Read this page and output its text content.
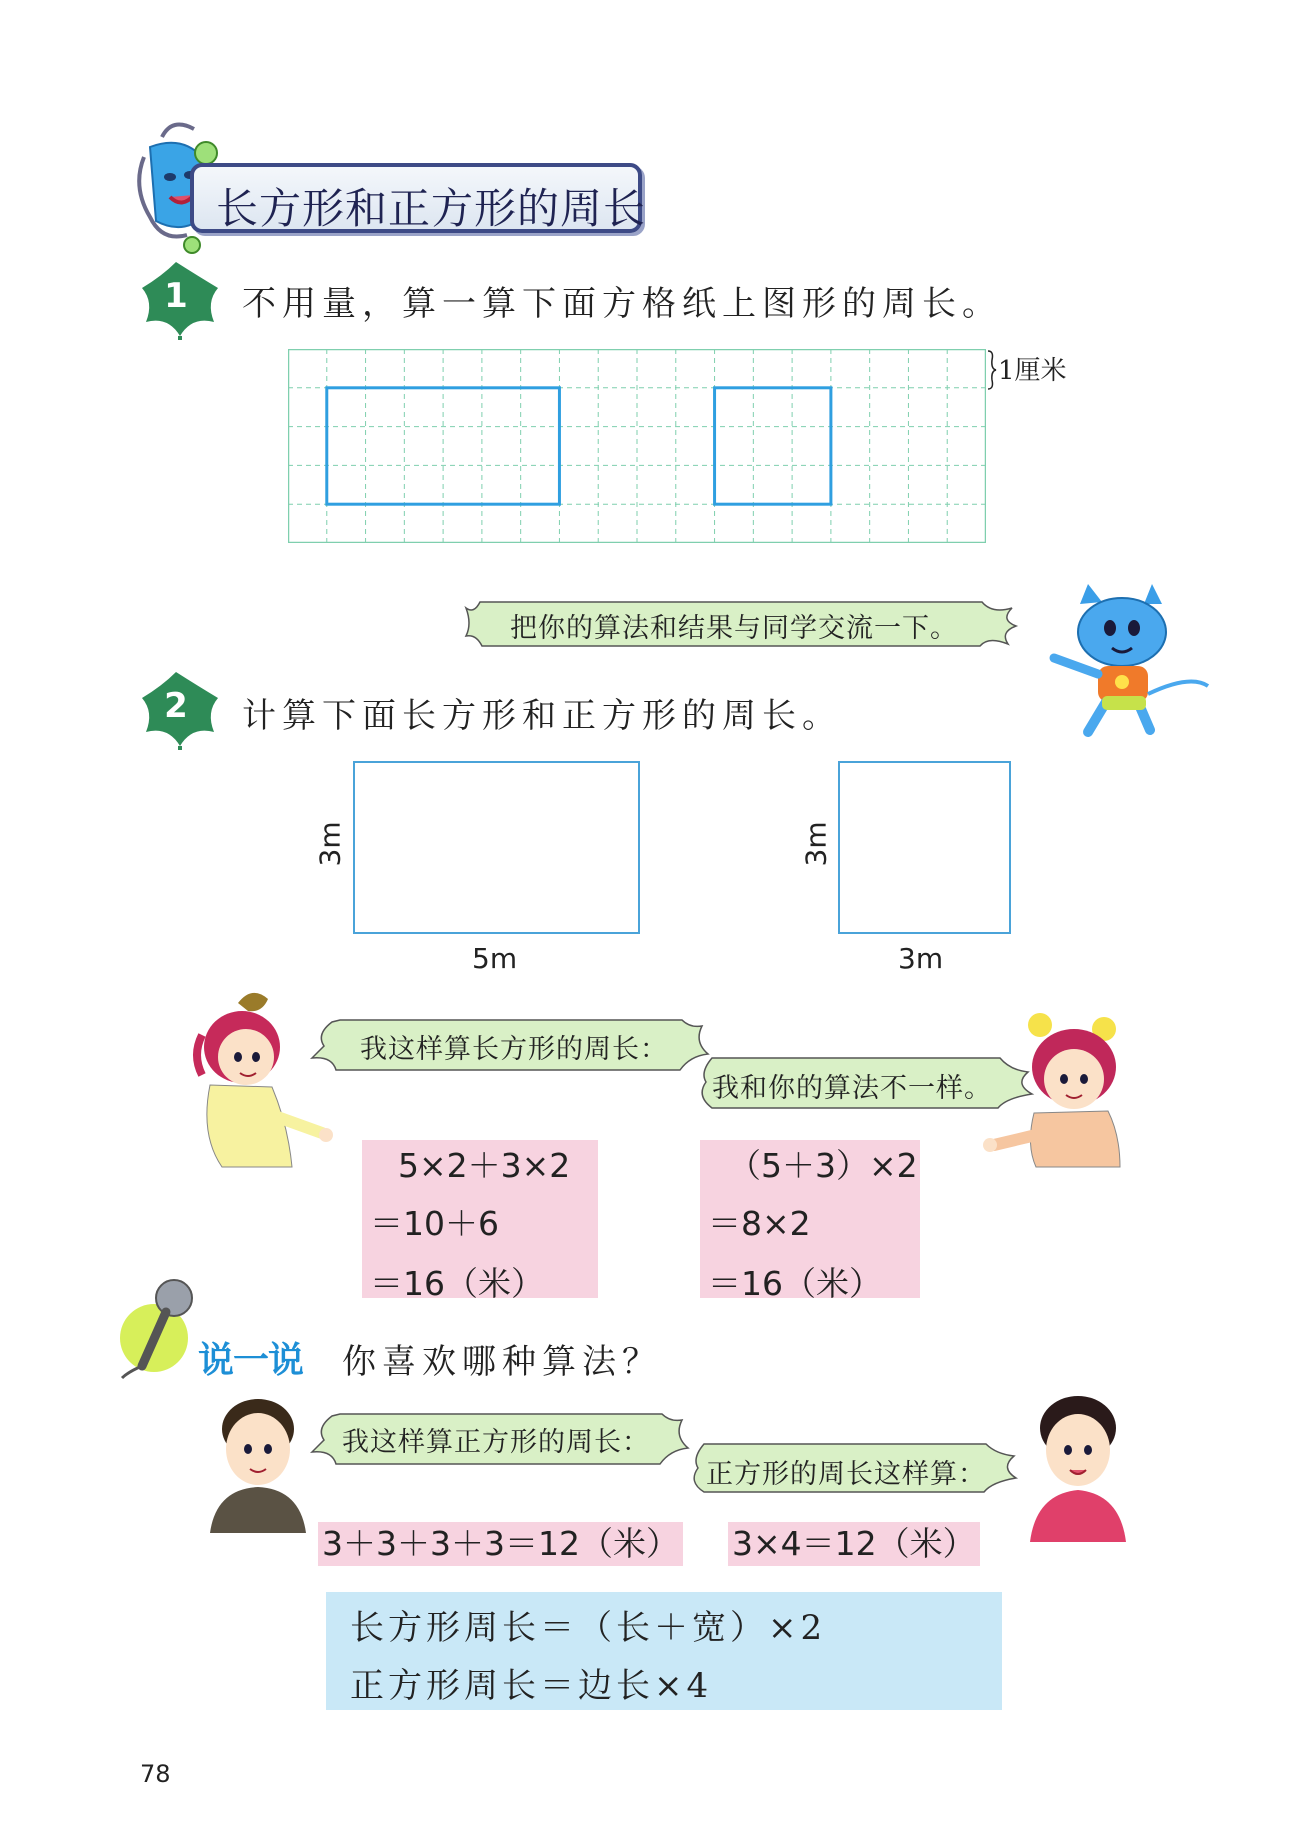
长方形和正方形的周长
1	不用量，算一算下面方格纸上图形的周长。
1厘米
把你的算法和结果与同学交流一下。
2	计算下面长方形和正方形的周长。
3m
5m
3m
3m
我这样算长方形的周长：
我和你的算法不一样。
5×2＋3×2
＝10＋6
＝16（米）
（5＋3）×2
＝8×2
＝16（米）
说一说 你喜欢哪种算法？
我这样算正方形的周长：
正方形的周长这样算：
3＋3＋3＋3＝12（米） 3×4＝12（米）
长方形周长＝（长＋宽）×2
正方形周长＝边长×4
78
